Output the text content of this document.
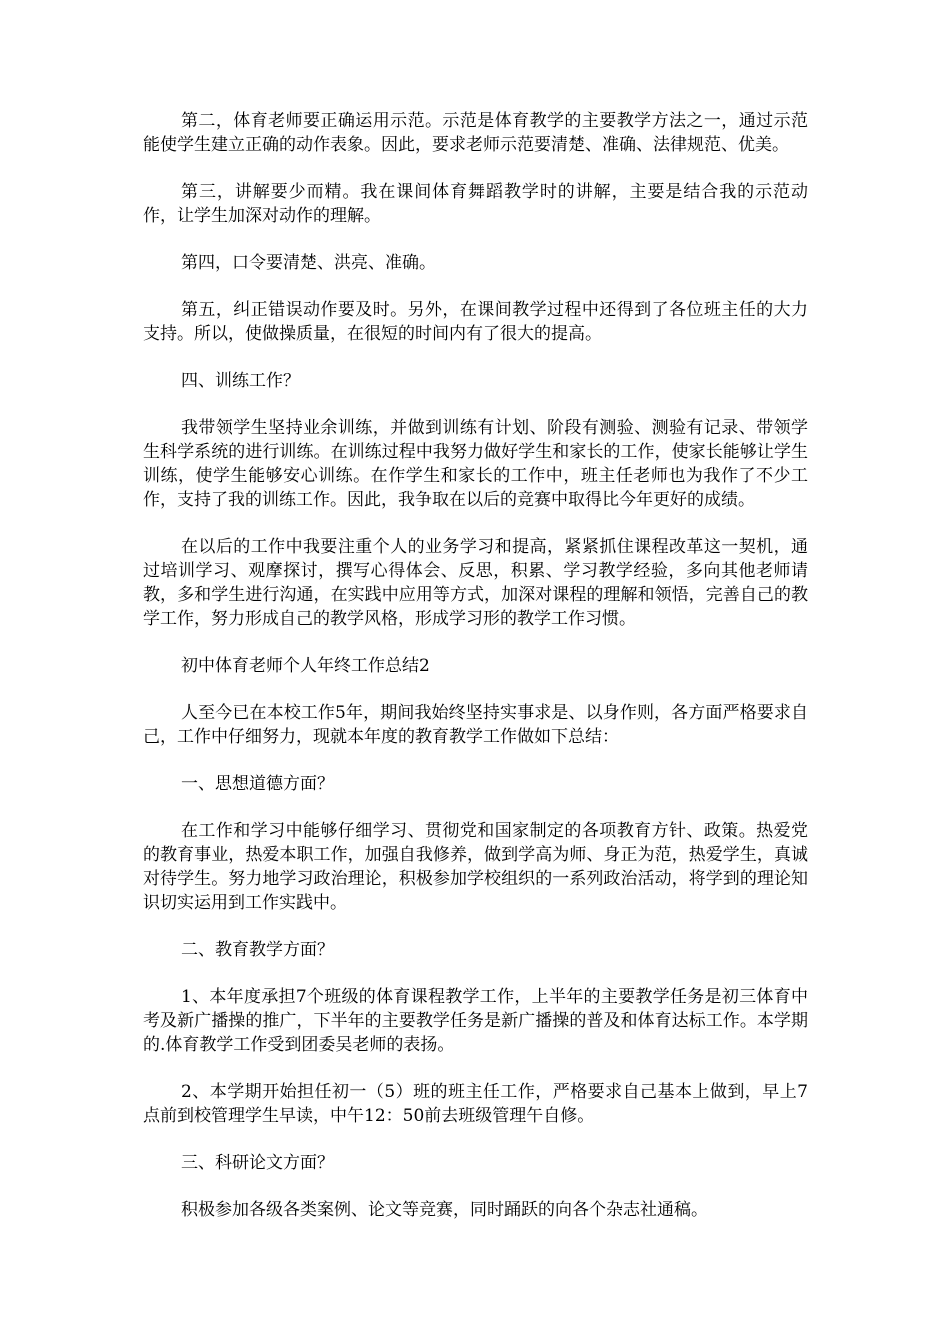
第二，体育老师要正确运用示范。示范是体育教学的主要教学方法之一，通过示范能使学生建立正确的动作表象。因此，要求老师示范要清楚、准确、法律规范、优美。

第三，讲解要少而精。我在课间体育舞蹈教学时的讲解，主要是结合我的示范动作，让学生加深对动作的理解。

第四，口令要清楚、洪亮、准确。

第五，纠正错误动作要及时。另外，在课间教学过程中还得到了各位班主任的大力支持。所以，使做操质量，在很短的时间内有了很大的提高。

四、训练工作？

我带领学生坚持业余训练，并做到训练有计划、阶段有测验、测验有记录、带领学生科学系统的进行训练。在训练过程中我努力做好学生和家长的工作，使家长能够让学生训练，使学生能够安心训练。在作学生和家长的工作中，班主任老师也为我作了不少工作，支持了我的训练工作。因此，我争取在以后的竞赛中取得比今年更好的成绩。

在以后的工作中我要注重个人的业务学习和提高，紧紧抓住课程改革这一契机，通过培训学习、观摩探讨，撰写心得体会、反思，积累、学习教学经验，多向其他老师请教，多和学生进行沟通，在实践中应用等方式，加深对课程的理解和领悟，完善自己的教学工作，努力形成自己的教学风格，形成学习形的教学工作习惯。

初中体育老师个人年终工作总结2

人至今已在本校工作5年，期间我始终坚持实事求是、以身作则，各方面严格要求自己，工作中仔细努力，现就本年度的教育教学工作做如下总结：

一、思想道德方面？

在工作和学习中能够仔细学习、贯彻党和国家制定的各项教育方针、政策。热爱党的教育事业，热爱本职工作，加强自我修养，做到学高为师、身正为范，热爱学生，真诚对待学生。努力地学习政治理论，积极参加学校组织的一系列政治活动，将学到的理论知识切实运用到工作实践中。

二、教育教学方面？

1、本年度承担7个班级的体育课程教学工作，上半年的主要教学任务是初三体育中考及新广播操的推广，下半年的主要教学任务是新广播操的普及和体育达标工作。本学期的.体育教学工作受到团委吴老师的表扬。

2、本学期开始担任初一（5）班的班主任工作，严格要求自己基本上做到，早上7点前到校管理学生早读，中午12：50前去班级管理午自修。

三、科研论文方面？

积极参加各级各类案例、论文等竞赛，同时踊跃的向各个杂志社通稿。
